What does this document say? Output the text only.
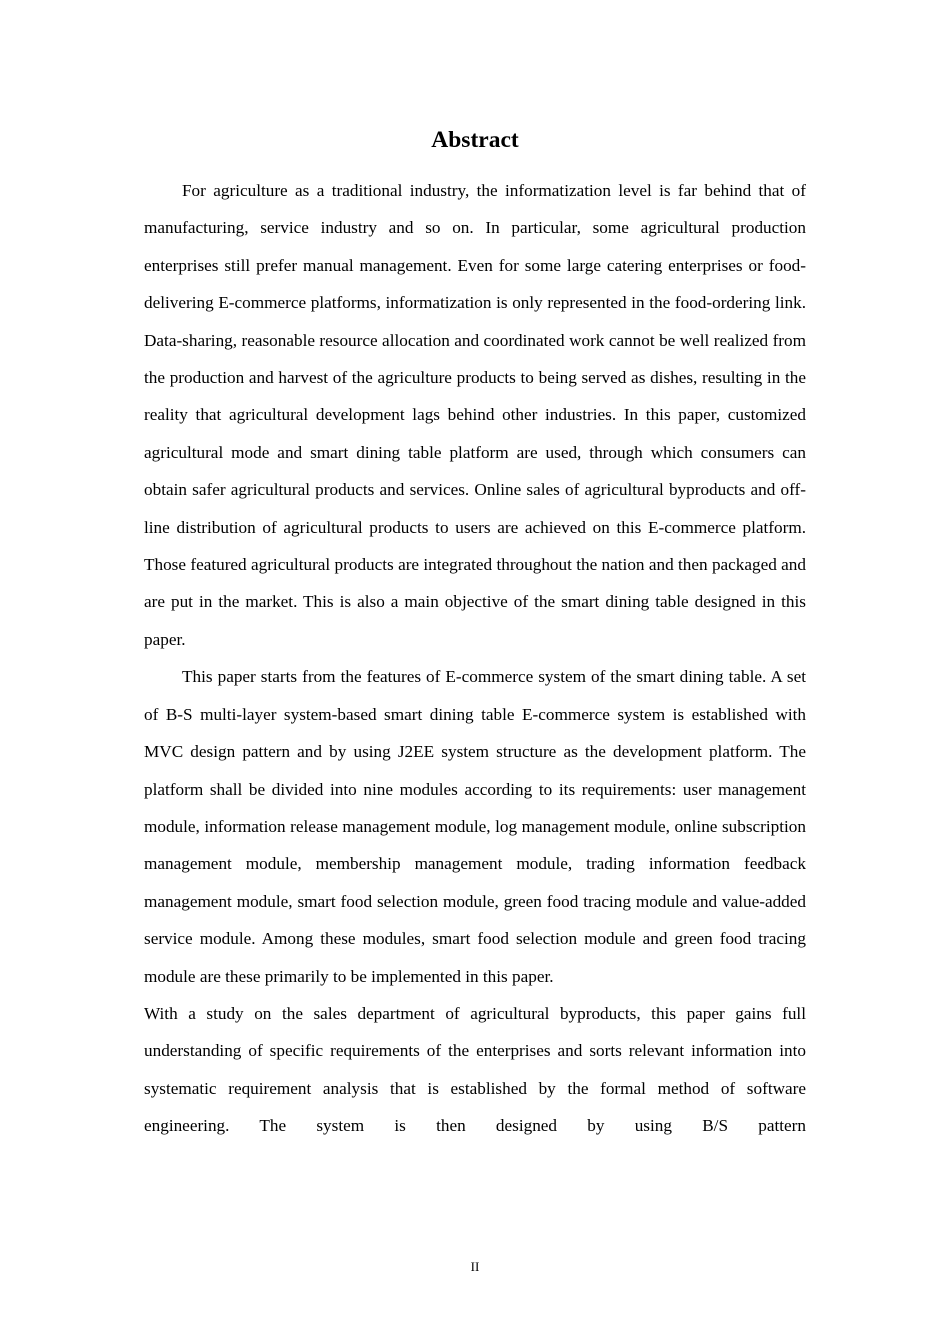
Abstract

For agriculture as a traditional industry, the informatization level is far behind that of manufacturing, service industry and so on. In particular, some agricultural production enterprises still prefer manual management. Even for some large catering enterprises or food-delivering E-commerce platforms, informatization is only represented in the food-ordering link. Data-sharing, reasonable resource allocation and coordinated work cannot be well realized from the production and harvest of the agriculture products to being served as dishes, resulting in the reality that agricultural development lags behind other industries. In this paper, customized agricultural mode and smart dining table platform are used, through which consumers can obtain safer agricultural products and services. Online sales of agricultural byproducts and off-line distribution of agricultural products to users are achieved on this E-commerce platform. Those featured agricultural products are integrated throughout the nation and then packaged and are put in the market. This is also a main objective of the smart dining table designed in this paper.

This paper starts from the features of E-commerce system of the smart dining table. A set of B-S multi-layer system-based smart dining table E-commerce system is established with MVC design pattern and by using J2EE system structure as the development platform. The platform shall be divided into nine modules according to its requirements: user management module, information release management module, log management module, online subscription management module, membership management module, trading information feedback management module, smart food selection module, green food tracing module and value-added service module. Among these modules, smart food selection module and green food tracing module are these primarily to be implemented in this paper.

With a study on the sales department of agricultural byproducts, this paper gains full understanding of specific requirements of the enterprises and sorts relevant information into systematic requirement analysis that is established by the formal method of software engineering. The system is then designed by using B/S pattern

II
